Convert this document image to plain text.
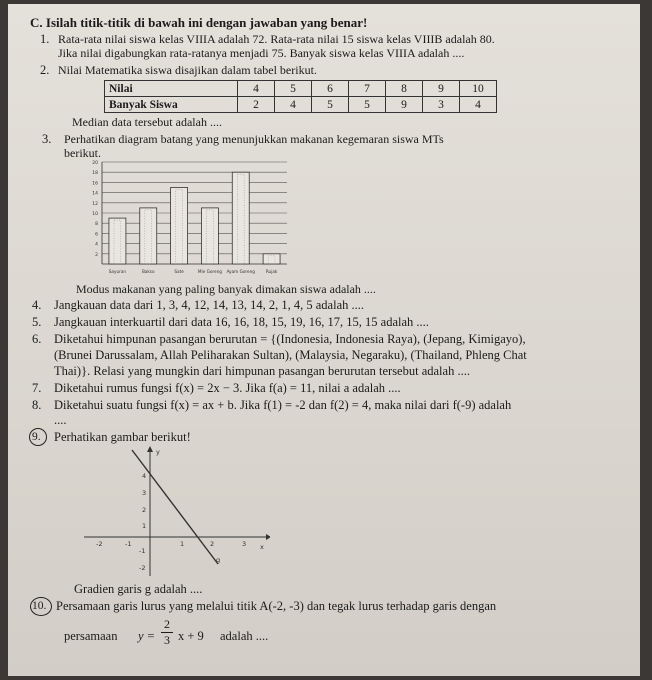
C. Isilah titik-titik di bawah ini dengan jawaban yang benar!
1. Rata-rata nilai siswa kelas VIIIA adalah 72. Rata-rata nilai 15 siswa kelas VIIIB adalah 80.
Jika nilai digabungkan rata-ratanya menjadi 75. Banyak siswa kelas VIIIA adalah ....
2. Nilai Matematika siswa disajikan dalam tabel berikut.
Nilai	4	5	6	7	8	9	10
Banyak Siswa	2	4	5	5	9	3	4
Median data tersebut adalah ....
3. Perhatikan diagram batang yang menunjukkan makanan kegemaran siswa MTs
berikut.
2
4
6
8
10
12
14
16
18
20
Sayuran	Bakso	Sate	Mie Goreng Ayam Goreng	Rujak
Modus makanan yang paling banyak dimakan siswa adalah ....
4. Jangkauan data dari 1, 3, 4, 12, 14, 13, 14, 2, 1, 4, 5 adalah ....
5. Jangkauan interkuartil dari data 16, 16, 18, 15, 19, 16, 17, 15, 15 adalah ....
6. Diketahui himpunan pasangan berurutan = {(Indonesia, Indonesia Raya), (Jepang, Kimigayo),
(Brunei Darussalam, Allah Peliharakan Sultan), (Malaysia, Negaraku), (Thailand, Phleng Chat
Thai)}. Relasi yang mungkin dari himpunan pasangan berurutan tersebut adalah ....
7. Diketahui rumus fungsi f(x) = 2x − 3. Jika f(a) = 11, nilai a adalah ....
8. Diketahui suatu fungsi f(x) = ax + b. Jika f(1) = -2 dan f(2) = 4, maka nilai dari f(-9) adalah
....
9. Perhatikan gambar berikut!
y
x
g
-2	-1	1	2	3
4
3
2
1
-1
-2
Gradien garis g adalah ....
10. Persamaan garis lurus yang melalui titik A(-2, -3) dan tegak lurus terhadap garis dengan
persamaan $y = \frac{2}{3}$ x + 9 adalah ....
